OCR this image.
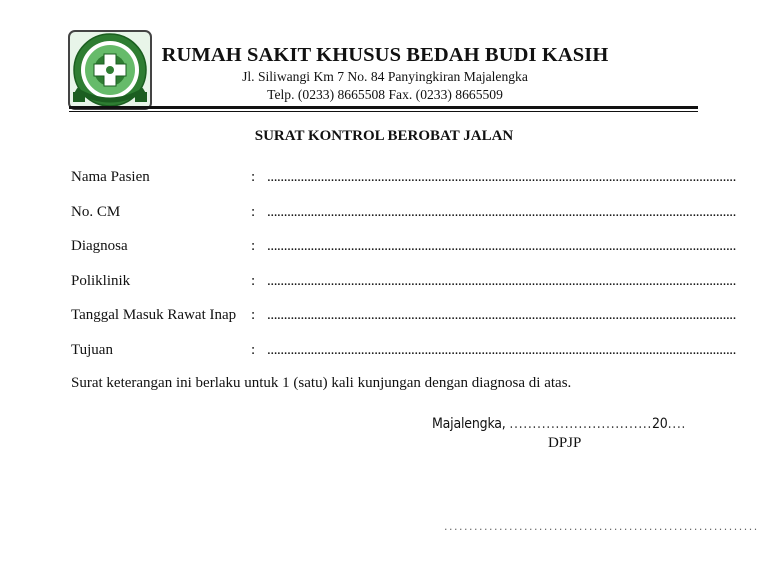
RUMAH SAKIT KHUSUS BEDAH BUDI KASIH
Jl. Siliwangi Km 7 No. 84 Panyingkiran Majalengka
Telp. (0233) 8665508 Fax. (0233) 8665509
SURAT KONTROL BEROBAT JALAN
Nama Pasien	: ............................................................................................................................................
No. CM	: ............................................................................................................................................
Diagnosa	: ............................................................................................................................................
Poliklinik	: ............................................................................................................................................
Tanggal Masuk Rawat Inap : ............................................................................................................................................
Tujuan	: ............................................................................................................................................
Surat keterangan ini berlaku untuk 1 (satu) kali kunjungan dengan diagnosa di atas.
Majalengka, ...............................20....
DPJP
...............................................................
